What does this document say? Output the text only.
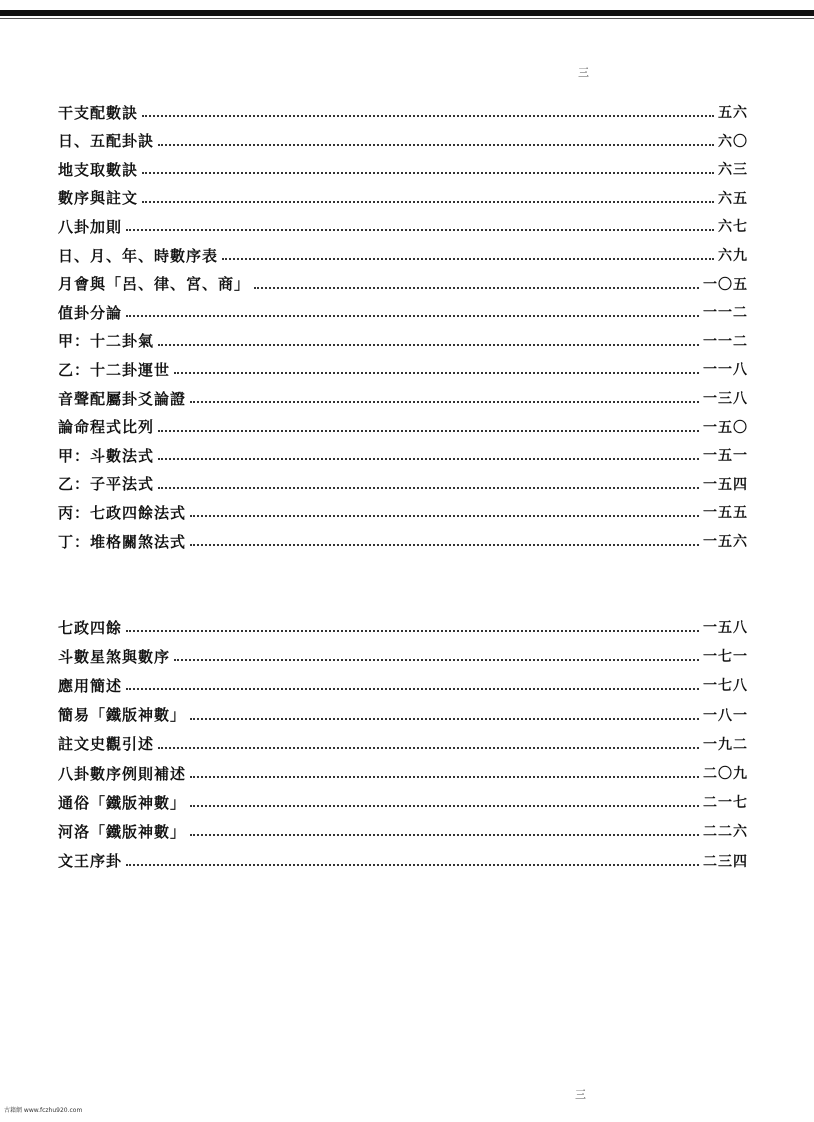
三
干支配數訣	五六
日、五配卦訣	六〇
地支取數訣	六三
數序與註文	六五
八卦加則	六七
日、月、年、時數序表	六九
月會與「呂、律、宮、商」	一〇五
值卦分論	一一二
甲：十二卦氣	一一二
乙：十二卦運世	一一八
音聲配屬卦爻論證	一三八
論命程式比列	一五〇
甲：斗數法式	一五一
乙：子平法式	一五四
丙：七政四餘法式	一五五
丁：堆格關煞法式	一五六
七政四餘	一五八
斗數星煞與數序	一七一
應用簡述	一七八
簡易「鐵版神數」	一八一
註文史觀引述	一九二
八卦數序例則補述	二〇九
通俗「鐵版神數」	二一七
河洛「鐵版神數」	二二六
文王序卦	二三四
三
古籍網 www.fczhu920.com
